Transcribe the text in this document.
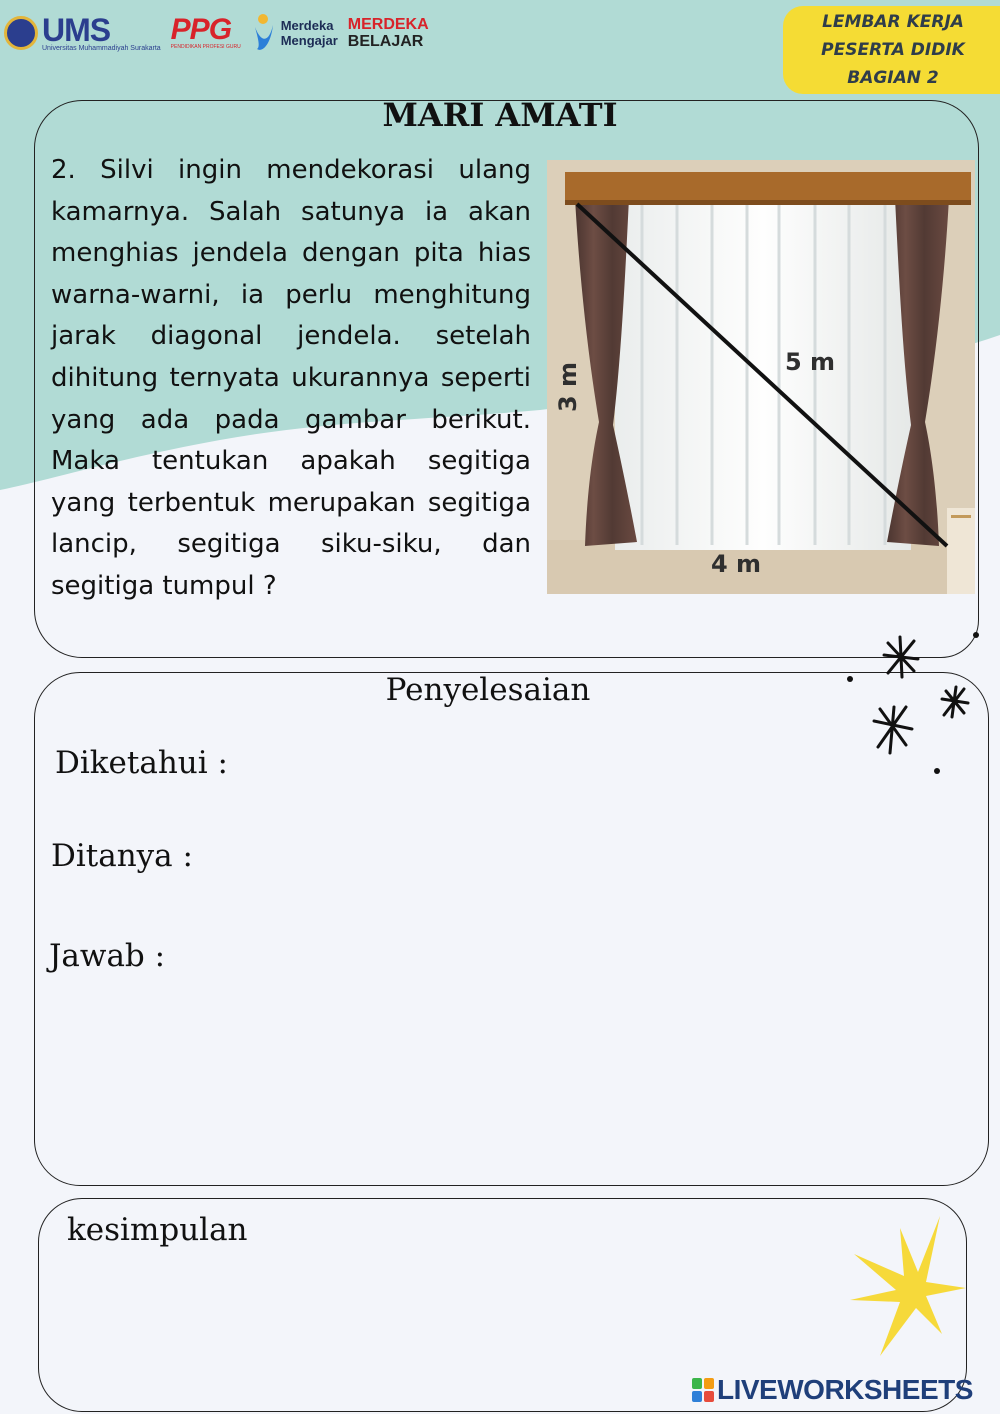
UMS
Universitas Muhammadiyah Surakarta
PPG
PENDIDIKAN PROFESI GURU
Merdeka
Mengajar
MERDEKA
BELAJAR
LEMBAR KERJA
PESERTA DIDIK
BAGIAN 2
MARI AMATI

2. Silvi ingin mendekorasi ulang kamarnya. Salah satunya ia akan menghias jendela dengan pita hias warna-warni, ia perlu menghitung jarak diagonal jendela. setelah dihitung ternyata ukurannya seperti yang ada pada gambar berikut. Maka tentukan apakah segitiga yang terbentuk merupakan segitiga lancip, segitiga siku-siku, dan segitiga tumpul ?

5 m
4 m
3 m
Penyelesaian
Diketahui :
Ditanya :
Jawab :
kesimpulan
LIVEWORKSHEETS
